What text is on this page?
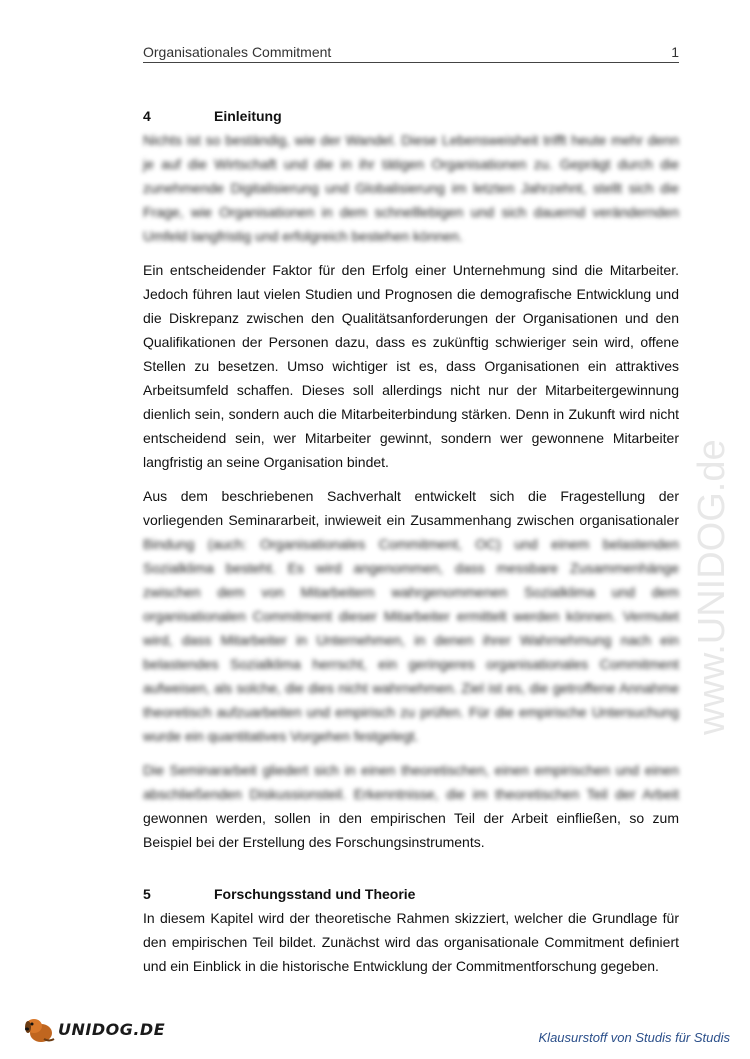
Organisationales Commitment	1
4	Einleitung

Nichts ist so beständig, wie der Wandel. Diese Lebensweisheit trifft heute mehr denn je auf die Wirtschaft und die in ihr tätigen Organisationen zu. Geprägt durch die zunehmende Digitalisierung und Globalisierung im letzten Jahrzehnt, stellt sich die Frage, wie Organisationen in dem schnelllebigen und sich dauernd verändernden Umfeld langfristig und erfolgreich bestehen können.

Ein entscheidender Faktor für den Erfolg einer Unternehmung sind die Mitarbeiter. Jedoch führen laut vielen Studien und Prognosen die demografische Entwicklung und die Diskrepanz zwischen den Qualitätsanforderungen der Organisationen und den Qualifikationen der Personen dazu, dass es zukünftig schwieriger sein wird, offene Stellen zu besetzen. Umso wichtiger ist es, dass Organisationen ein attraktives Arbeitsumfeld schaffen. Dieses soll allerdings nicht nur der Mitarbeitergewinnung dienlich sein, sondern auch die Mitarbeiterbindung stärken. Denn in Zukunft wird nicht entscheidend sein, wer Mitarbeiter gewinnt, sondern wer gewonnene Mitarbeiter langfristig an seine Organisation bindet.

Aus dem beschriebenen Sachverhalt entwickelt sich die Fragestellung der vorliegenden Seminararbeit, inwieweit ein Zusammenhang zwischen organisationaler Bindung (auch: Organisationales Commitment, OC) und einem belastenden Sozialklima besteht. Es wird angenommen, dass messbare Zusammenhänge zwischen dem von Mitarbeitern wahrgenommenen Sozialklima und dem organisationalen Commitment dieser Mitarbeiter ermittelt werden können. Vermutet wird, dass Mitarbeiter in Unternehmen, in denen ihrer Wahrnehmung nach ein belastendes Sozialklima herrscht, ein geringeres organisationales Commitment aufweisen, als solche, die dies nicht wahrnehmen. Ziel ist es, die getroffene Annahme theoretisch aufzuarbeiten und empirisch zu prüfen. Für die empirische Untersuchung wurde ein quantitatives Vorgehen festgelegt.

Die Seminararbeit gliedert sich in einen theoretischen, einen empirischen und einen abschließenden Diskussionsteil. Erkenntnisse, die im theoretischen Teil der Arbeit gewonnen werden, sollen in den empirischen Teil der Arbeit einfließen, so zum Beispiel bei der Erstellung des Forschungsinstruments.

5	Forschungsstand und Theorie

In diesem Kapitel wird der theoretische Rahmen skizziert, welcher die Grundlage für den empirischen Teil bildet. Zunächst wird das organisationale Commitment definiert und ein Einblick in die historische Entwicklung der Commitmentforschung gegeben.

www.UNIDOG.de
UNIDOG.DE	Klausurstoff von Studis für Studis
